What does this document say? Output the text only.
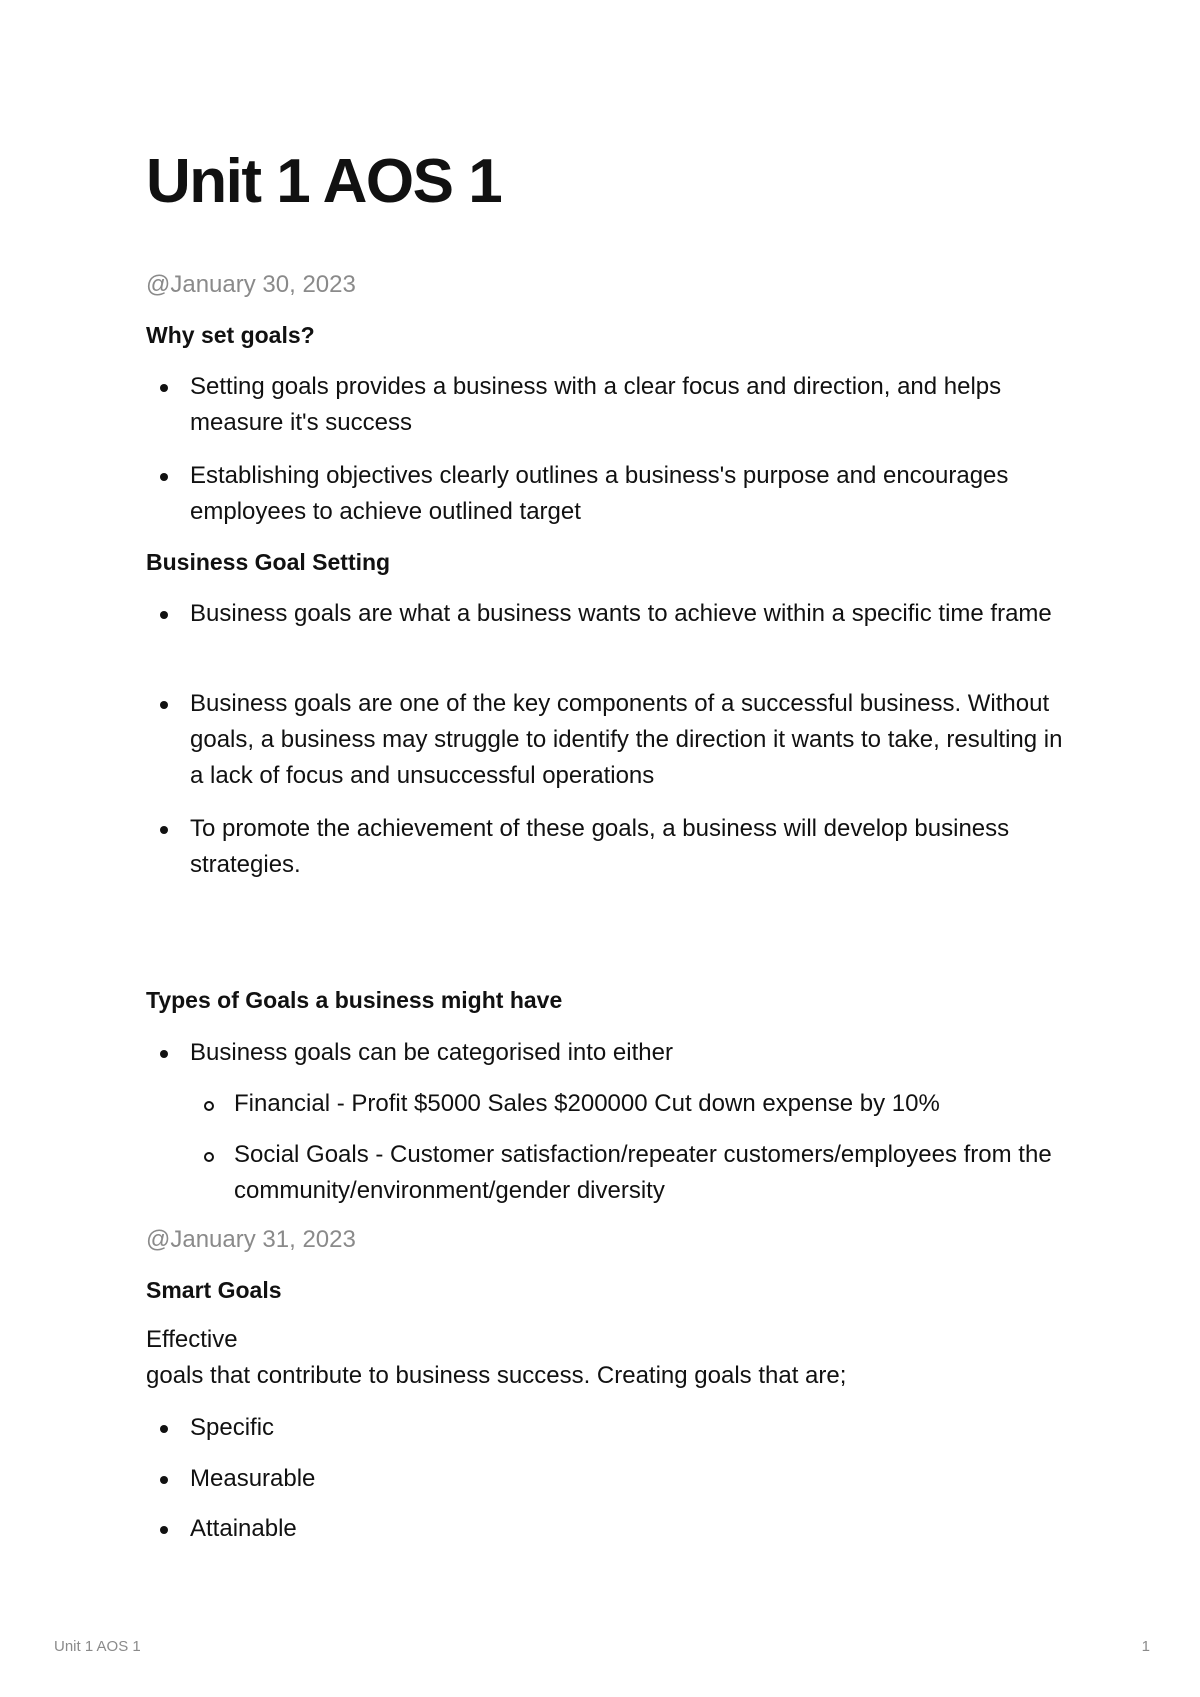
Unit 1 AOS 1

@January 30, 2023

Why set goals?

Setting goals provides a business with a clear focus and direction, and helps measure it's success

Establishing objectives clearly outlines a business's purpose and encourages employees to achieve outlined target

Business Goal Setting

Business goals are what a business wants to achieve within a specific time frame

Business goals are one of the key components of a successful business. Without goals, a business may struggle to identify the direction it wants to take, resulting in a lack of focus and unsuccessful operations

To promote the achievement of these goals, a business will develop business strategies.

Types of Goals a business might have

Business goals can be categorised into either

Financial - Profit $5000 Sales $200000 Cut down expense by 10%

Social Goals - Customer satisfaction/repeater customers/employees from the community/environment/gender diversity

@January 31, 2023

Smart Goals

Effective

goals that contribute to business success. Creating goals that are;

Specific

Measurable

Attainable

Unit 1 AOS 1	1
